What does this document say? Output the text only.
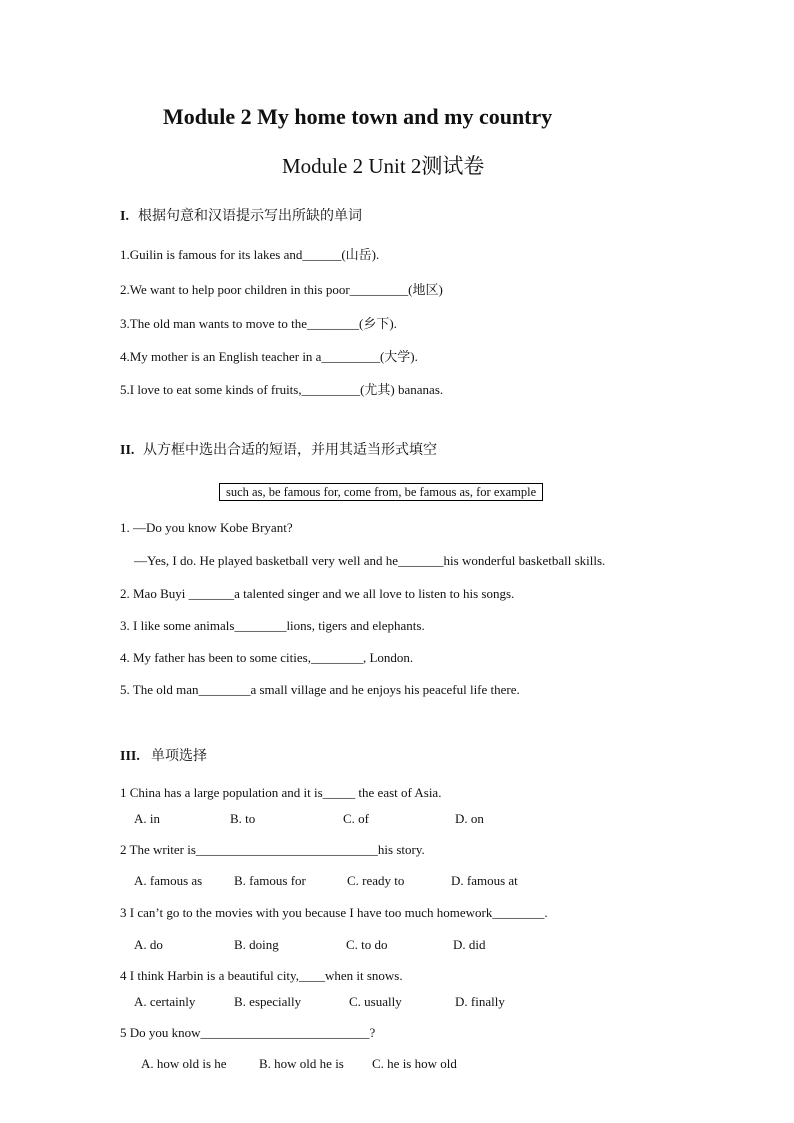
Module 2 My home town and my country
Module 2 Unit 2测试卷
I. 根据句意和汉语提示写出所缺的单词
1.Guilin is famous for its lakes and______(山岳).
2.We want to help poor children in this poor_________(地区)
3.The old man wants to move to the________(乡下).
4.My mother is an English teacher in a_________(大学).
5.I love to eat some kinds of fruits,_________(尤其) bananas.
II. 从方框中选出合适的短语，并用其适当形式填空
such as, be famous for, come from, be famous as, for example
1. —Do you know Kobe Bryant?
—Yes, I do. He played basketball very well and he_______his wonderful basketball skills.
2. Mao Buyi _______a talented singer and we all love to listen to his songs.
3. I like some animals________lions, tigers and elephants.
4. My father has been to some cities,________, London.
5. The old man________a small village and he enjoys his peaceful life there.
III. 单项选择
1 China has a large population and it is_____ the east of Asia.
A. in	B. to	C. of	D. on
2 The writer is____________________________his story.
A. famous as B. famous for	C. ready to	D. famous at
3 I can’t go to the movies with you because I have too much homework________.
A. do	B. doing	C. to do	D. did
4 I think Harbin is a beautiful city,____when it snows.
A. certainly	B. especially	C. usually	D. finally
5 Do you know__________________________?
A. how old is he B. how old he is C. he is how old
